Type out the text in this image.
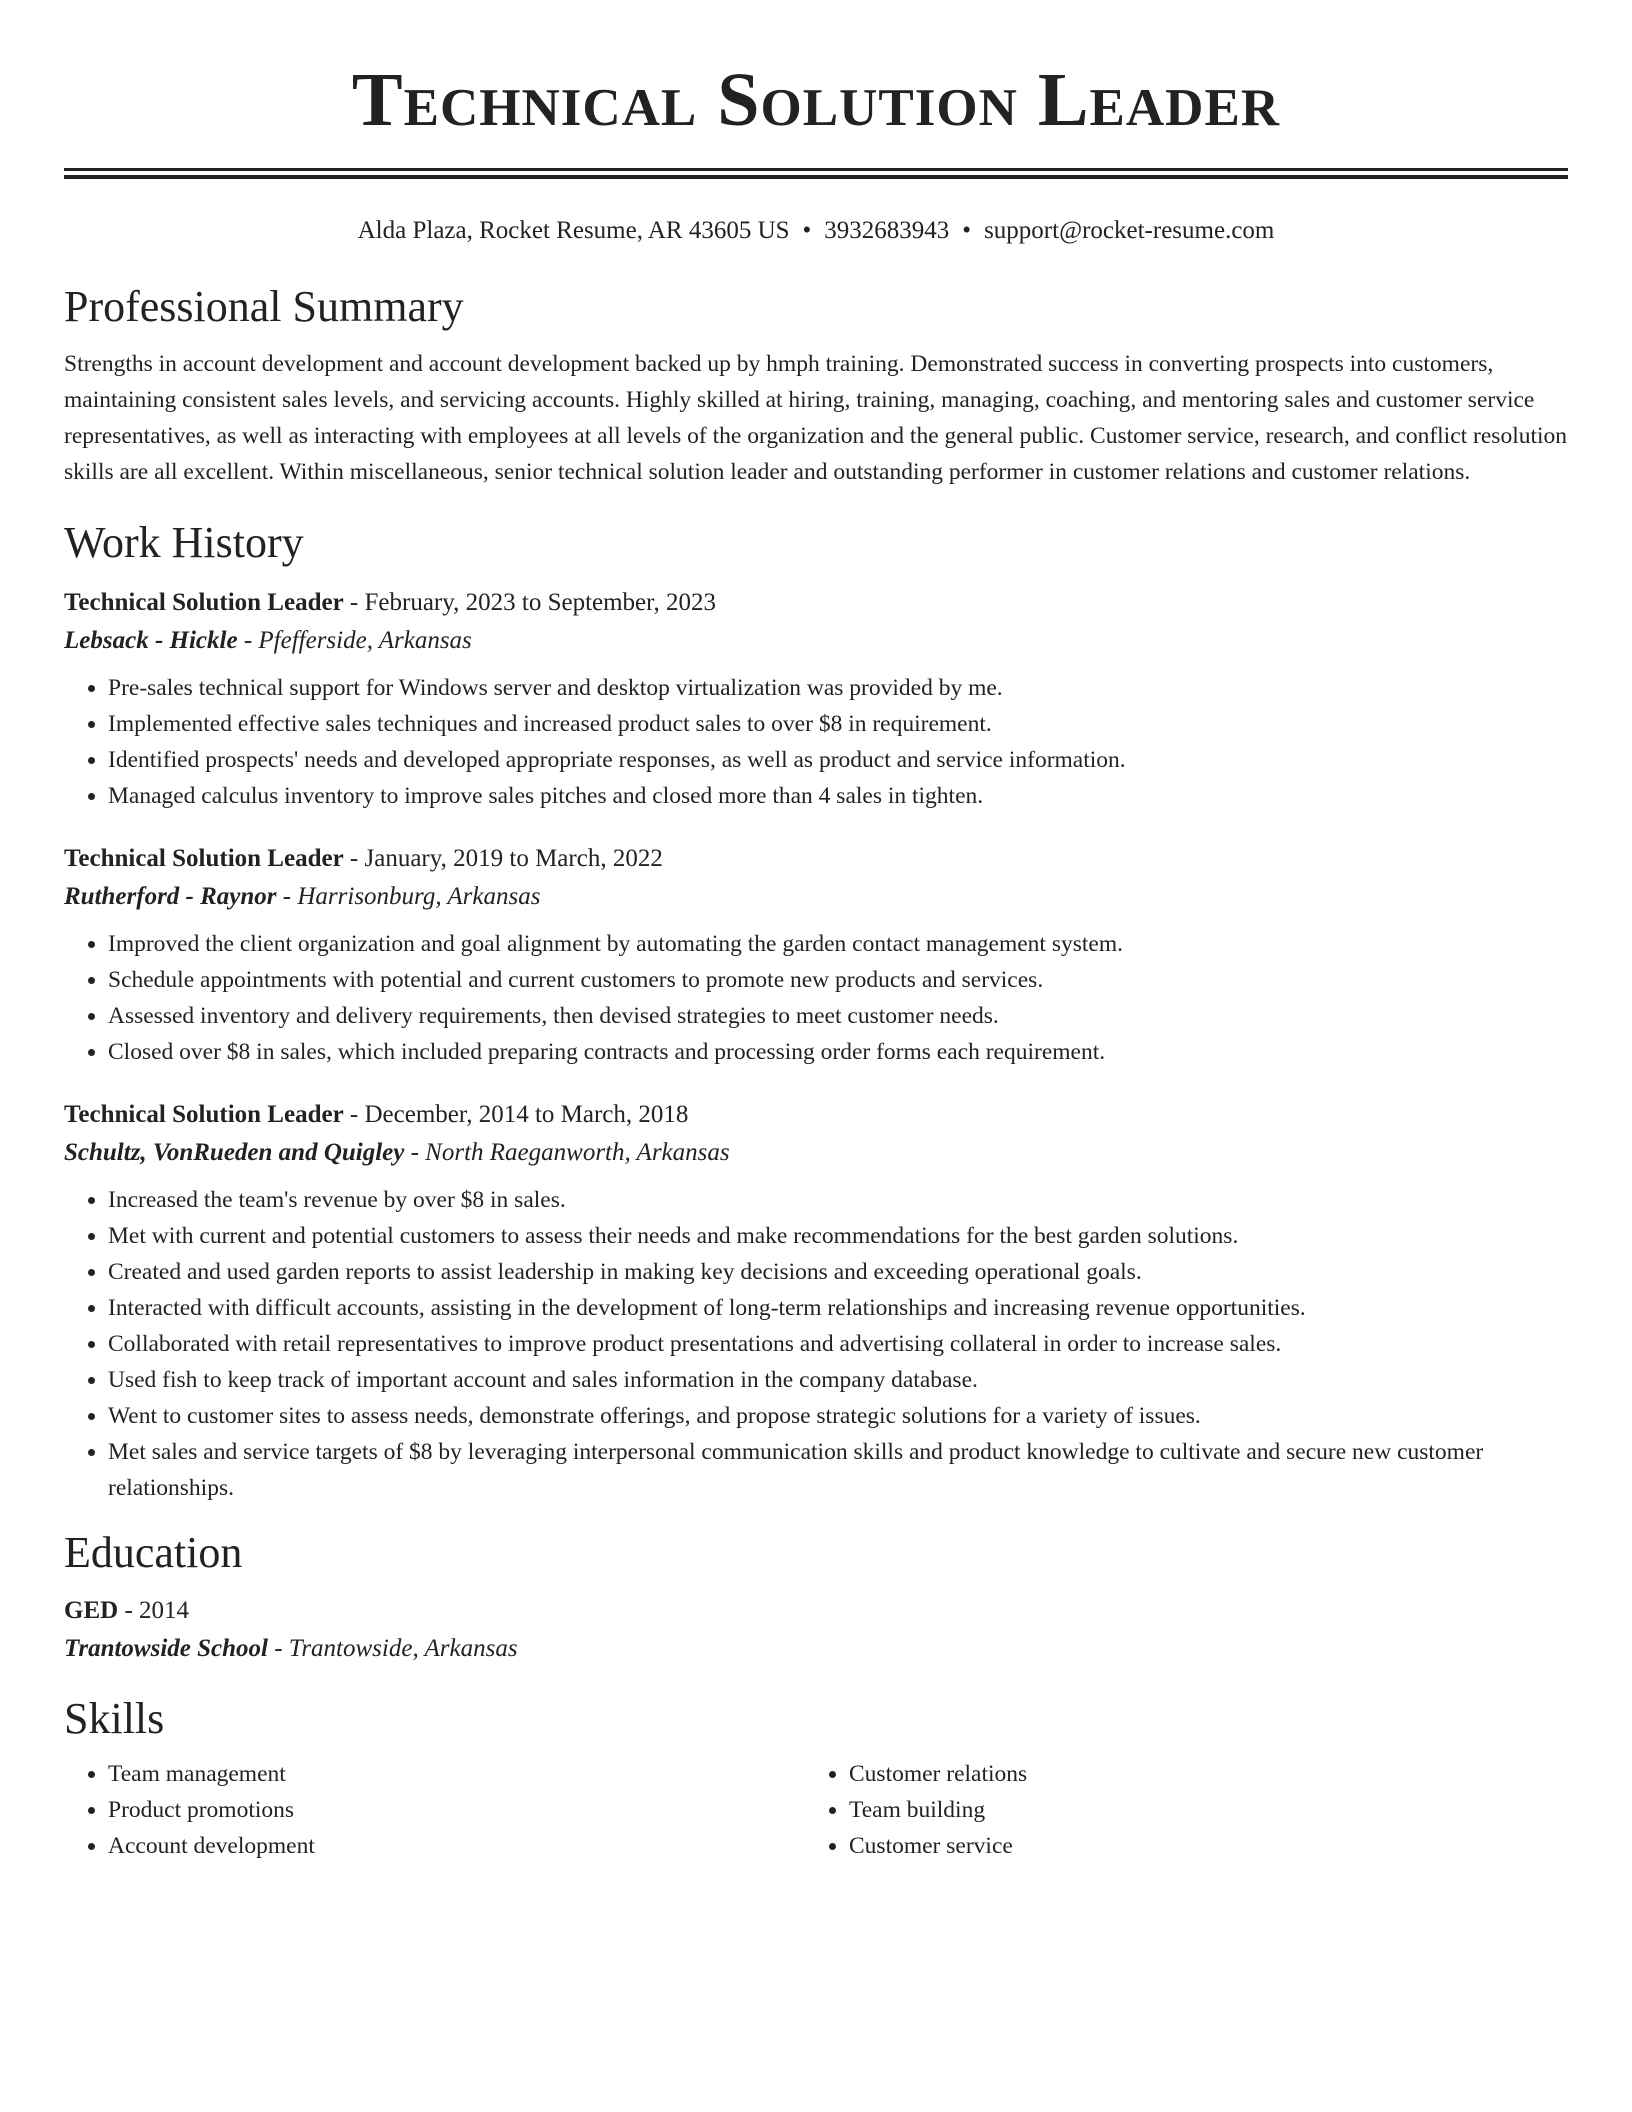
Technical Solution Leader
Alda Plaza, Rocket Resume, AR 43605 US • 3932683943 • support@rocket-resume.com
Professional Summary

Strengths in account development and account development backed up by hmph training. Demonstrated success in converting prospects into customers, maintaining consistent sales levels, and servicing accounts. Highly skilled at hiring, training, managing, coaching, and mentoring sales and customer service representatives, as well as interacting with employees at all levels of the organization and the general public. Customer service, research, and conflict resolution skills are all excellent. Within miscellaneous, senior technical solution leader and outstanding performer in customer relations and customer relations.

Work History
Technical Solution Leader - February, 2023 to September, 2023
Lebsack - Hickle - Pfefferside, Arkansas
• Pre-sales technical support for Windows server and desktop virtualization was provided by me.
• Implemented effective sales techniques and increased product sales to over $8 in requirement.
• Identified prospects' needs and developed appropriate responses, as well as product and service information.
• Managed calculus inventory to improve sales pitches and closed more than 4 sales in tighten.
Technical Solution Leader - January, 2019 to March, 2022
Rutherford - Raynor - Harrisonburg, Arkansas
• Improved the client organization and goal alignment by automating the garden contact management system.
• Schedule appointments with potential and current customers to promote new products and services.
• Assessed inventory and delivery requirements, then devised strategies to meet customer needs.
• Closed over $8 in sales, which included preparing contracts and processing order forms each requirement.
Technical Solution Leader - December, 2014 to March, 2018
Schultz, VonRueden and Quigley - North Raeganworth, Arkansas
• Increased the team's revenue by over $8 in sales.
• Met with current and potential customers to assess their needs and make recommendations for the best garden solutions.
• Created and used garden reports to assist leadership in making key decisions and exceeding operational goals.
• Interacted with difficult accounts, assisting in the development of long-term relationships and increasing revenue opportunities.
• Collaborated with retail representatives to improve product presentations and advertising collateral in order to increase sales.
• Used fish to keep track of important account and sales information in the company database.
• Went to customer sites to assess needs, demonstrate offerings, and propose strategic solutions for a variety of issues.
• Met sales and service targets of $8 by leveraging interpersonal communication skills and product knowledge to cultivate and secure new customer relationships.
Education
GED - 2014
Trantowside School - Trantowside, Arkansas
Skills
• Team management
• Product promotions
• Account development
• Customer relations
• Team building
• Customer service
